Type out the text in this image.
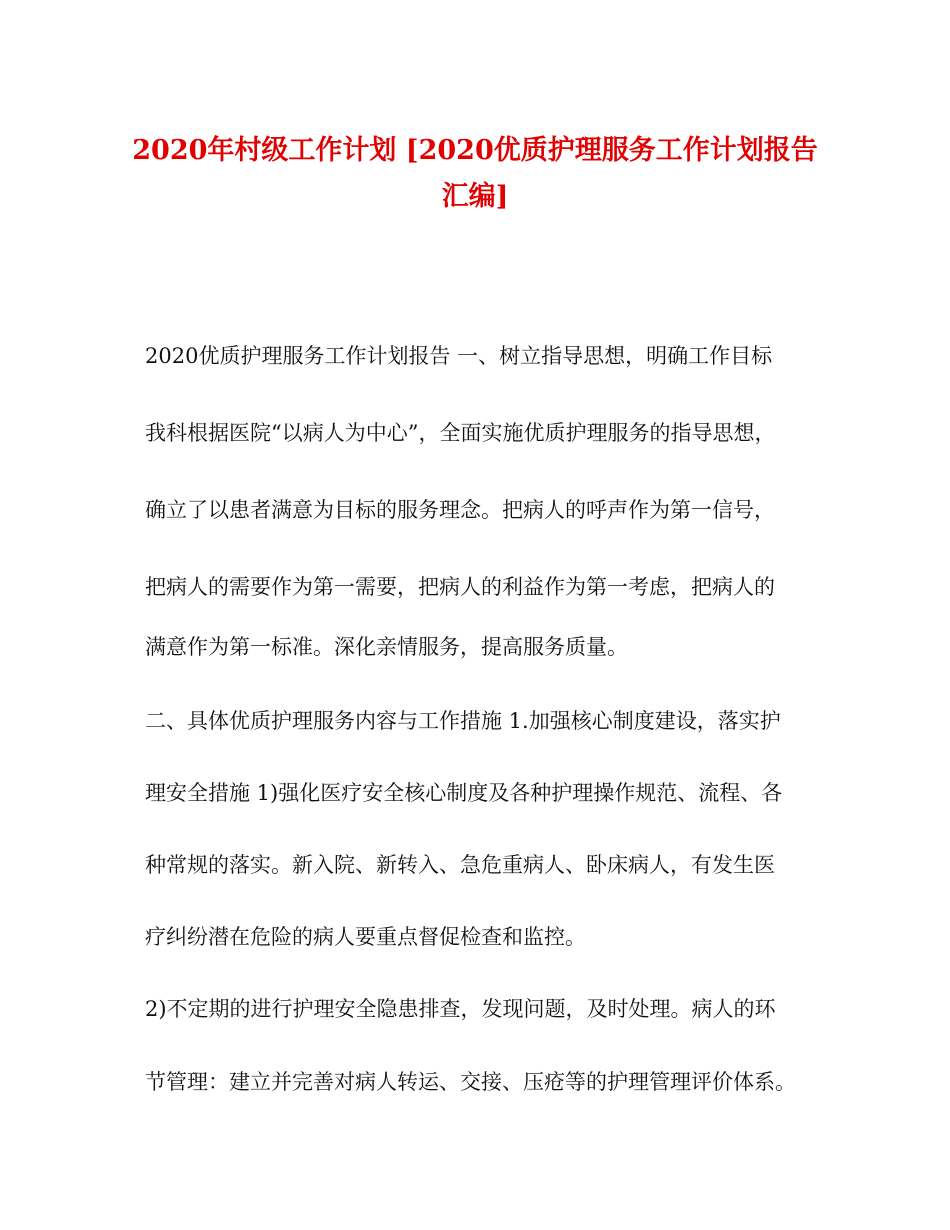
2020年村级工作计划 [2020优质护理服务工作计划报告汇编]
2020优质护理服务工作计划报告 一、树立指导思想，明确工作目标
我科根据医院“以病人为中心”，全面实施优质护理服务的指导思想，
确立了以患者满意为目标的服务理念。把病人的呼声作为第一信号，
把病人的需要作为第一需要，把病人的利益作为第一考虑，把病人的
满意作为第一标准。深化亲情服务，提高服务质量。
二、具体优质护理服务内容与工作措施 1.加强核心制度建设，落实护
理安全措施 1)强化医疗安全核心制度及各种护理操作规范、流程、各
种常规的落实。新入院、新转入、急危重病人、卧床病人，有发生医
疗纠纷潜在危险的病人要重点督促检查和监控。
2)不定期的进行护理安全隐患排查，发现问题，及时处理。病人的环
节管理：建立并完善对病人转运、交接、压疮等的护理管理评价体系。
